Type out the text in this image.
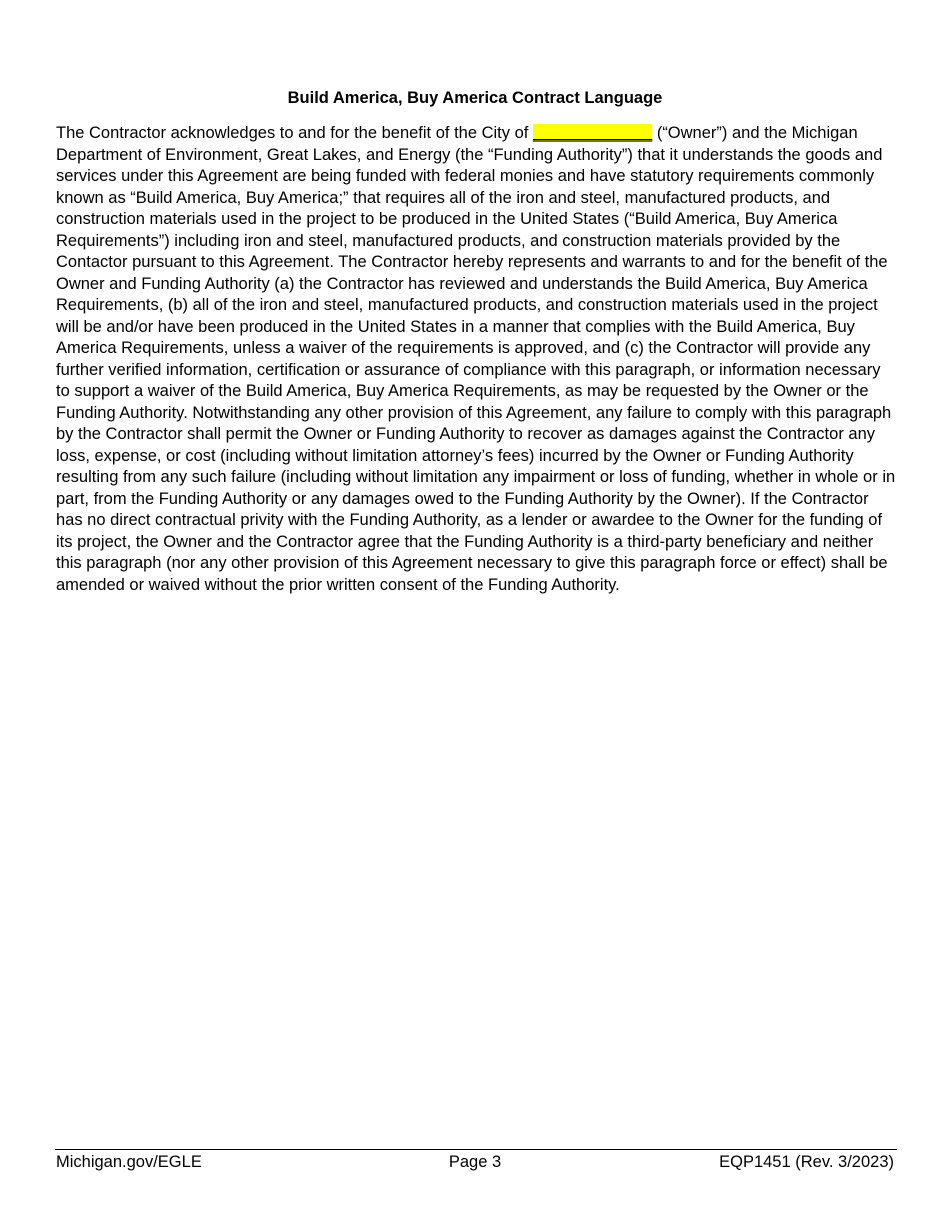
Build America, Buy America Contract Language

The Contractor acknowledges to and for the benefit of the City of _____________ (“Owner”) and the Michigan Department of Environment, Great Lakes, and Energy (the “Funding Authority”) that it understands the goods and services under this Agreement are being funded with federal monies and have statutory requirements commonly known as “Build America, Buy America;” that requires all of the iron and steel, manufactured products, and construction materials used in the project to be produced in the United States (“Build America, Buy America Requirements”) including iron and steel, manufactured products, and construction materials provided by the Contactor pursuant to this Agreement. The Contractor hereby represents and warrants to and for the benefit of the Owner and Funding Authority (a) the Contractor has reviewed and understands the Build America, Buy America Requirements, (b) all of the iron and steel, manufactured products, and construction materials used in the project will be and/or have been produced in the United States in a manner that complies with the Build America, Buy America Requirements, unless a waiver of the requirements is approved, and (c) the Contractor will provide any further verified information, certification or assurance of compliance with this paragraph, or information necessary to support a waiver of the Build America, Buy America Requirements, as may be requested by the Owner or the Funding Authority. Notwithstanding any other provision of this Agreement, any failure to comply with this paragraph by the Contractor shall permit the Owner or Funding Authority to recover as damages against the Contractor any loss, expense, or cost (including without limitation attorney’s fees) incurred by the Owner or Funding Authority resulting from any such failure (including without limitation any impairment or loss of funding, whether in whole or in part, from the Funding Authority or any damages owed to the Funding Authority by the Owner). If the Contractor has no direct contractual privity with the Funding Authority, as a lender or awardee to the Owner for the funding of its project, the Owner and the Contractor agree that the Funding Authority is a third-party beneficiary and neither this paragraph (nor any other provision of this Agreement necessary to give this paragraph force or effect) shall be amended or waived without the prior written consent of the Funding Authority.

Michigan.gov/EGLE	Page 3	EQP1451 (Rev. 3/2023)
